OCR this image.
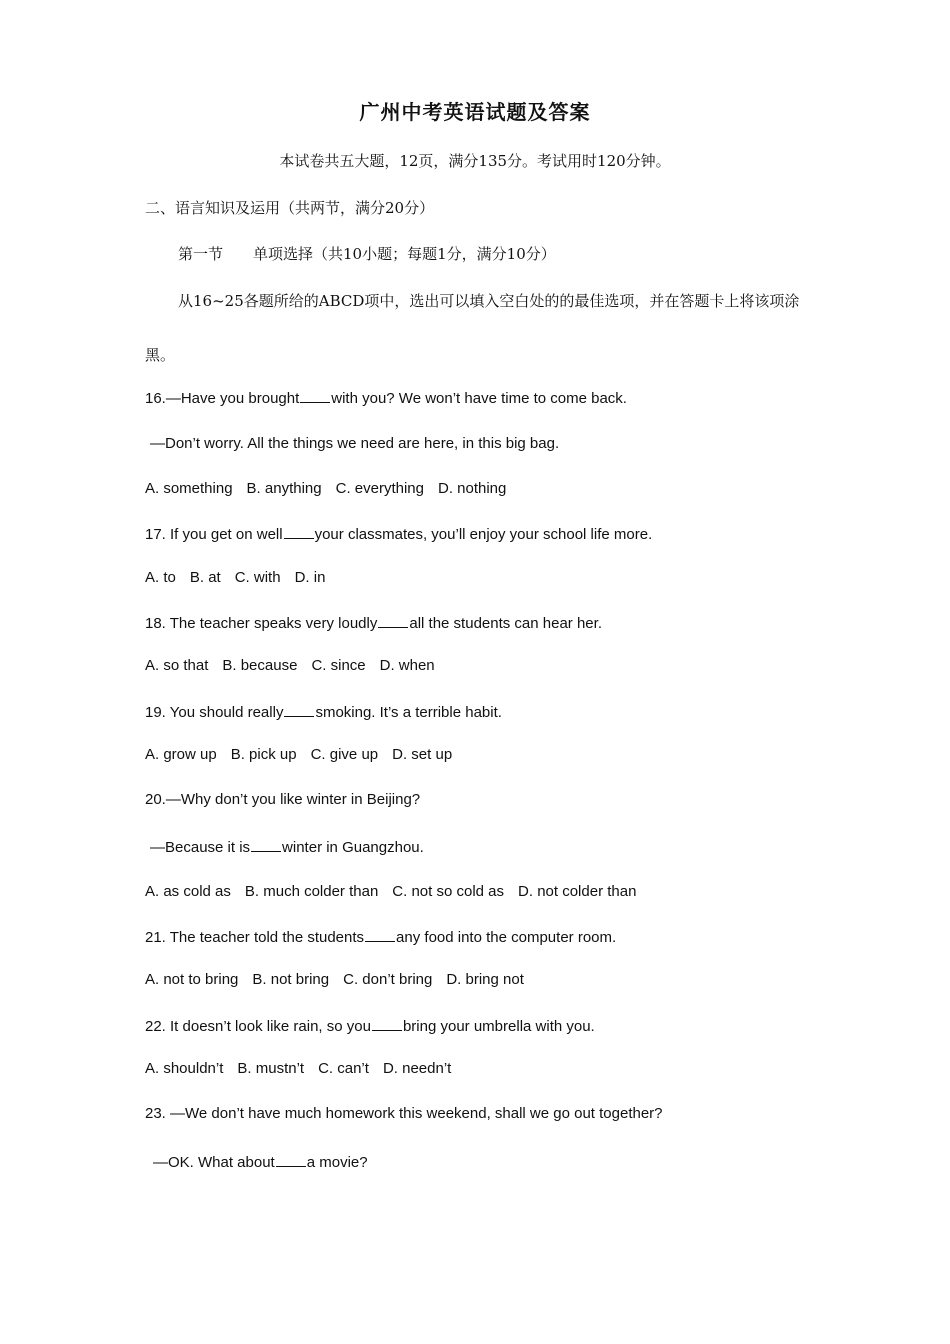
广州中考英语试题及答案
本试卷共五大题，12页，满分135分。考试用时120分钟。
二、语言知识及运用（共两节，满分20分）
第一节 单项选择（共10小题；每题1分，满分10分）
从16~25各题所给的ABCD项中，选出可以填入空白处的的最佳选项，并在答题卡上将该项涂
黑。
16.—Have you brought with you? We won’t have time to come back.
—Don’t worry. All the things we need are here, in this big bag.
A. something B. anything C. everything D. nothing
17. If you get on well your classmates, you’ll enjoy your school life more.
A. to B. at C. with D. in
18. The teacher speaks very loudly all the students can hear her.
A. so that B. because C. since D. when
19. You should really smoking. It’s a terrible habit.
A. grow up B. pick up C. give up D. set up
20.—Why don’t you like winter in Beijing?
—Because it is winter in Guangzhou.
A. as cold as B. much colder than C. not so cold as D. not colder than
21. The teacher told the students any food into the computer room.
A. not to bring B. not bring C. don’t bring D. bring not
22. It doesn’t look like rain, so you bring your umbrella with you.
A. shouldn’t B. mustn’t C. can’t D. needn’t
23. —We don’t have much homework this weekend, shall we go out together?
—OK. What about a movie?
